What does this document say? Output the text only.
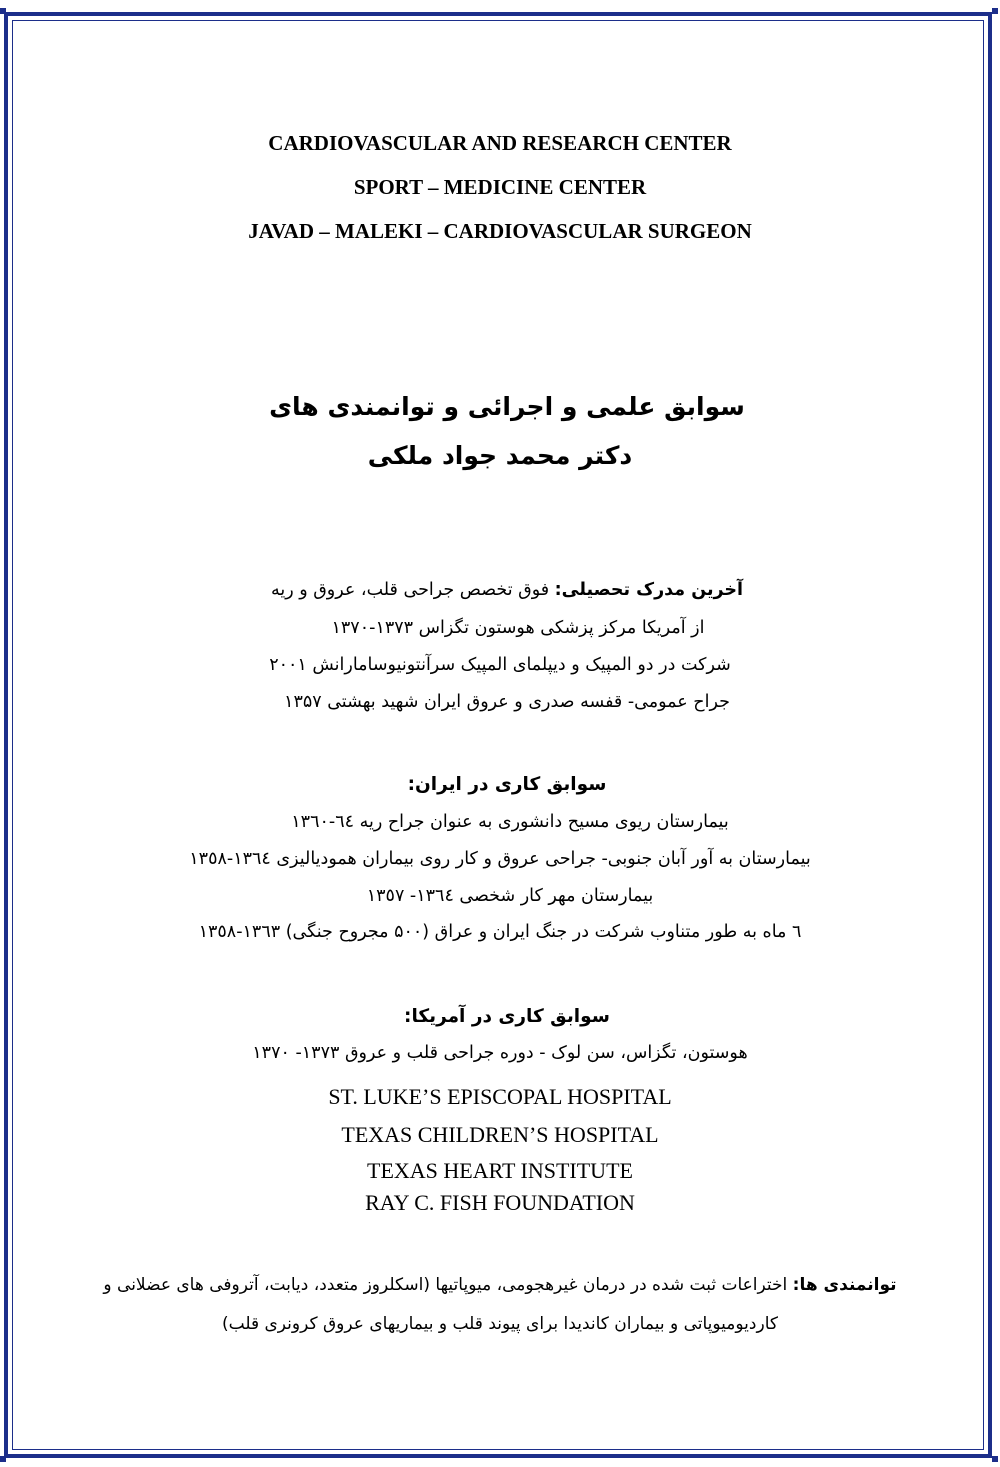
CARDIOVASCULAR AND RESEARCH CENTER
SPORT – MEDICINE CENTER
JAVAD – MALEKI – CARDIOVASCULAR SURGEON
سوابق علمی و اجرائی و توانمندی های
دکتر محمد جواد ملکی
آخرین مدرک تحصیلی: فوق تخصص جراحی قلب، عروق و ریه
از آمریکا مرکز پزشکی هوستون تگزاس ۱۳۷۳-۱۳۷۰
شرکت در دو المپیک و دیپلمای المپیک سرآنتونیوسامارانش ۲۰۰۱
جراح عمومی- قفسه صدری و عروق ایران شهید بهشتی ۱۳۵۷
سوابق کاری در ایران:
بیمارستان ریوی مسیح دانشوری به عنوان جراح ریه ٦٤-١٣٦٠
بیمارستان به آور آبان جنوبی- جراحی عروق و کار روی بیماران همودیالیزی ١٣٦٤-١٣٥٨
بیمارستان مهر کار شخصی ١٣٦٤- ١٣٥٧
٦ ماه به طور متناوب شرکت در جنگ ایران و عراق (۵۰۰ مجروح جنگی) ١٣٦٣-١٣٥٨
سوابق کاری در آمریکا:
هوستون، تگزاس، سن لوک - دوره جراحی قلب و عروق ١٣٧٣- ١٣٧٠
ST. LUKE’S EPISCOPAL HOSPITAL
TEXAS CHILDREN’S HOSPITAL
TEXAS HEART INSTITUTE
RAY C. FISH FOUNDATION
توانمندی ها: اختراعات ثبت شده در درمان غیرهجومی، میوپاتیها (اسکلروز متعدد، دیابت، آتروفی های عضلانی و
کاردیومیوپاتی و بیماران کاندیدا برای پیوند قلب و بیماریهای عروق کرونری قلب)
